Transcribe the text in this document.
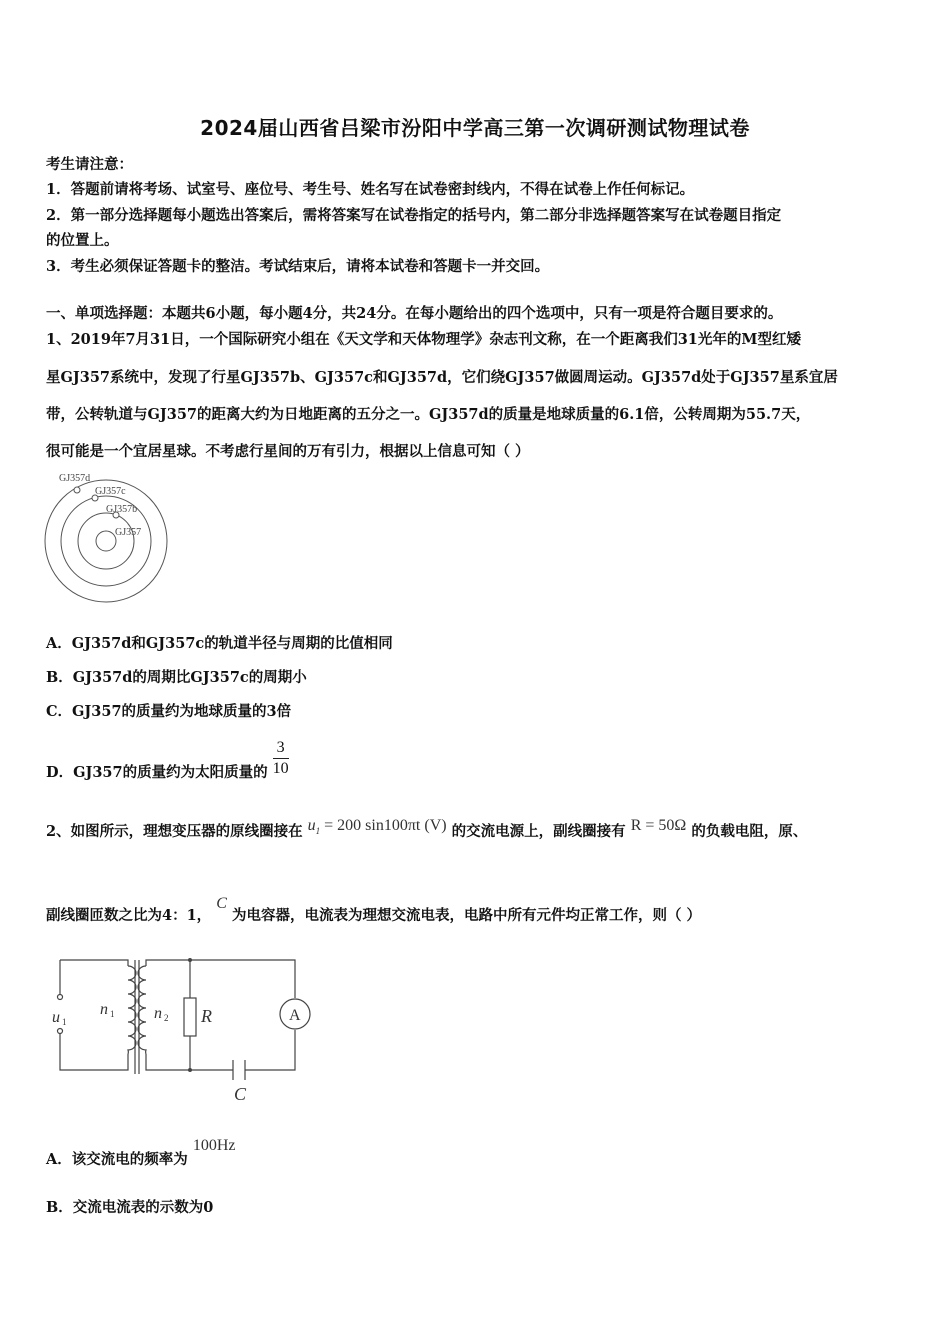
2024届山西省吕梁市汾阳中学高三第一次调研测试物理试卷
考生请注意：
1．答题前请将考场、试室号、座位号、考生号、姓名写在试卷密封线内，不得在试卷上作任何标记。
2．第一部分选择题每小题选出答案后，需将答案写在试卷指定的括号内，第二部分非选择题答案写在试卷题目指定
的位置上。
3．考生必须保证答题卡的整洁。考试结束后，请将本试卷和答题卡一并交回。
一、单项选择题：本题共6小题，每小题4分，共24分。在每小题给出的四个选项中，只有一项是符合题目要求的。
1、2019年7月31日，一个国际研究小组在《天文学和天体物理学》杂志刊文称，在一个距离我们31光年的M型红矮
星GJ357系统中，发现了行星GJ357b、GJ357c和GJ357d，它们绕GJ357做圆周运动。GJ357d处于GJ357星系宜居
带，公转轨道与GJ357的距离大约为日地距离的五分之一。GJ357d的质量是地球质量的6.1倍，公转周期为55.7天，
很可能是一个宜居星球。不考虑行星间的万有引力，根据以上信息可知（ ）
GJ357d
GJ357c
GJ357b
GJ357
A．GJ357d和GJ357c的轨道半径与周期的比值相同
B．GJ357d的周期比GJ357c的周期小
C．GJ357的质量约为地球质量的3倍
D．GJ357的质量约为太阳质量的 $\frac{3}{10}$
2、如图所示，理想变压器的原线圈接在 $u_1 = 200$ sin100πt (V) 的交流电源上，副线圈接有 R = 50Ω 的负载电阻，原、
副线圈匝数之比为4：1， C 为电容器，电流表为理想交流电表，电路中所有元件均正常工作，则（ ）
A
u 1
n 1 n 2 R
C
A．该交流电的频率为 100Hz
B．交流电流表的示数为0
